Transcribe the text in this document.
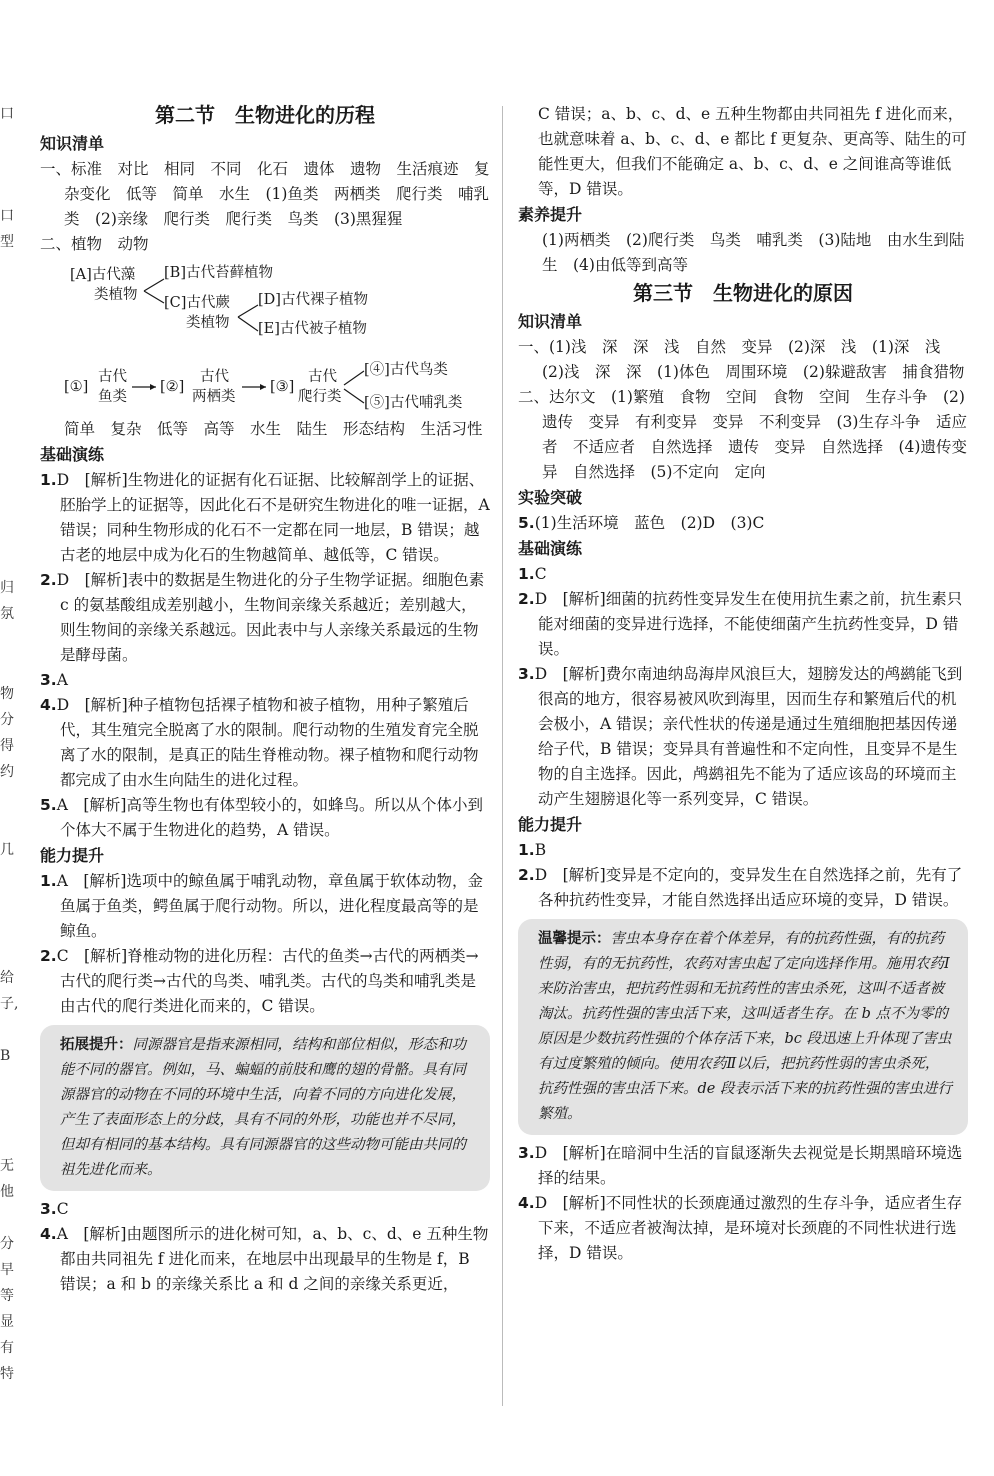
口
口
型
归
氛
物
分
得
约
几
给
子,
B
无
他
分
早
等
显
有
特
第二节　生物进化的历程
知识清单

一、标准　对比　相同　不同　化石　遗体　遗物　生活痕迹　复杂变化　低等　简单　水生　(1)鱼类　两栖类　爬行类　哺乳类　(2)亲缘　爬行类　爬行类　鸟类　(3)黑猩猩

二、植物　动物

[A]古代藻
类植物
[B]古代苔藓植物
[C]古代蕨
类植物
[D]古代裸子植物
[E]古代被子植物
[①]
古代
鱼类
[②]
古代
两栖类
[③]
古代
爬行类
[④]古代鸟类
[⑤]古代哺乳类

简单　复杂　低等　高等　水生　陆生　形态结构　生活习性

基础演练

1.D　[解析]生物进化的证据有化石证据、比较解剖学上的证据、胚胎学上的证据等，因此化石不是研究生物进化的唯一证据，A 错误；同种生物形成的化石不一定都在同一地层，B 错误；越古老的地层中成为化石的生物越简单、越低等，C 错误。

2.D　[解析]表中的数据是生物进化的分子生物学证据。细胞色素 c 的氨基酸组成差别越小，生物间亲缘关系越近；差别越大，则生物间的亲缘关系越远。因此表中与人亲缘关系最远的生物是酵母菌。

3.A

4.D　[解析]种子植物包括裸子植物和被子植物，用种子繁殖后代，其生殖完全脱离了水的限制。爬行动物的生殖发育完全脱离了水的限制，是真正的陆生脊椎动物。裸子植物和爬行动物都完成了由水生向陆生的进化过程。

5.A　[解析]高等生物也有体型较小的，如蜂鸟。所以从个体小到个体大不属于生物进化的趋势，A 错误。

能力提升

1.A　[解析]选项中的鲸鱼属于哺乳动物，章鱼属于软体动物，金鱼属于鱼类，鳄鱼属于爬行动物。所以，进化程度最高等的是鲸鱼。

2.C　[解析]脊椎动物的进化历程：古代的鱼类→古代的两栖类→古代的爬行类→古代的鸟类、哺乳类。古代的鸟类和哺乳类是由古代的爬行类进化而来的，C 错误。

拓展提升：同源器官是指来源相同，结构和部位相似，形态和功能不同的器官。例如，马、蝙蝠的前肢和鹰的翅的骨骼。具有同源器官的动物在不同的环境中生活，向着不同的方向进化发展，产生了表面形态上的分歧，具有不同的外形，功能也并不尽同，但却有相同的基本结构。具有同源器官的这些动物可能由共同的祖先进化而来。

3.C

4.A　[解析]由题图所示的进化树可知，a、b、c、d、e 五种生物都由共同祖先 f 进化而来，在地层中出现最早的生物是 f，B 错误；a 和 b 的亲缘关系比 a 和 d 之间的亲缘关系更近，

C 错误；a、b、c、d、e 五种生物都由共同祖先 f 进化而来，也就意味着 a、b、c、d、e 都比 f 更复杂、更高等、陆生的可能性更大，但我们不能确定 a、b、c、d、e 之间谁高等谁低等，D 错误。

素养提升

(1)两栖类　(2)爬行类　鸟类　哺乳类　(3)陆地　由水生到陆生　(4)由低等到高等

第三节　生物进化的原因
知识清单

一、(1)浅　深　深　浅　自然　变异　(2)深　浅　(1)深　浅　(2)浅　深　深　(1)体色　周围环境　(2)躲避敌害　捕食猎物

二、达尔文　(1)繁殖　食物　空间　食物　空间　生存斗争　(2)遗传　变异　有利变异　变异　不利变异　(3)生存斗争　适应者　不适应者　自然选择　遗传　变异　自然选择　(4)遗传变异　自然选择　(5)不定向　定向

实验突破

5.(1)生活环境　蓝色　(2)D　(3)C

基础演练

1.C

2.D　[解析]细菌的抗药性变异发生在使用抗生素之前，抗生素只能对细菌的变异进行选择，不能使细菌产生抗药性变异，D 错误。

3.D　[解析]费尔南迪纳岛海岸风浪巨大，翅膀发达的鸬鹚能飞到很高的地方，很容易被风吹到海里，因而生存和繁殖后代的机会极小，A 错误；亲代性状的传递是通过生殖细胞把基因传递给子代，B 错误；变异具有普遍性和不定向性，且变异不是生物的自主选择。因此，鸬鹚祖先不能为了适应该岛的环境而主动产生翅膀退化等一系列变异，C 错误。

能力提升

1.B

2.D　[解析]变异是不定向的，变异发生在自然选择之前，先有了各种抗药性变异，才能自然选择出适应环境的变异，D 错误。

温馨提示：害虫本身存在着个体差异，有的抗药性强，有的抗药性弱，有的无抗药性，农药对害虫起了定向选择作用。施用农药Ⅰ来防治害虫，把抗药性弱和无抗药性的害虫杀死，这叫不适者被淘汰。抗药性强的害虫活下来，这叫适者生存。在 b 点不为零的原因是少数抗药性强的个体存活下来，bc 段迅速上升体现了害虫有过度繁殖的倾向。使用农药Ⅱ以后，把抗药性弱的害虫杀死，抗药性强的害虫活下来。de 段表示活下来的抗药性强的害虫进行繁殖。

3.D　[解析]在暗洞中生活的盲鼠逐渐失去视觉是长期黑暗环境选择的结果。

4.D　[解析]不同性状的长颈鹿通过激烈的生存斗争，适应者生存下来，不适应者被淘汰掉，是环境对长颈鹿的不同性状进行选择，D 错误。
